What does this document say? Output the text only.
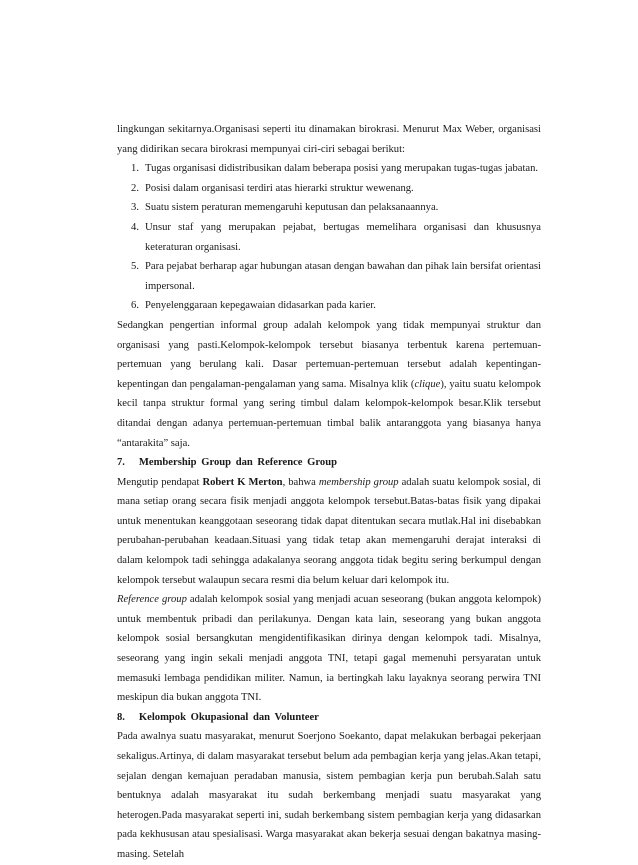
lingkungan sekitarnya.Organisasi seperti itu dinamakan birokrasi. Menurut Max Weber, organisasi yang didirikan secara birokrasi mempunyai ciri-ciri sebagai berikut:

1. Tugas organisasi didistribusikan dalam beberapa posisi yang merupakan tugas-tugas jabatan.
2. Posisi dalam organisasi terdiri atas hierarki struktur wewenang.
3. Suatu sistem peraturan memengaruhi keputusan dan pelaksanaannya.
4. Unsur staf yang merupakan pejabat, bertugas memelihara organisasi dan khususnya keteraturan organisasi.
5. Para pejabat berharap agar hubungan atasan dengan bawahan dan pihak lain bersifat orientasi impersonal.
6. Penyelenggaraan kepegawaian didasarkan pada karier.

Sedangkan pengertian informal group adalah kelompok yang tidak mempunyai struktur dan organisasi yang pasti.Kelompok-kelompok tersebut biasanya terbentuk karena pertemuan-pertemuan yang berulang kali. Dasar pertemuan-pertemuan tersebut adalah kepentingan-kepentingan dan pengalaman-pengalaman yang sama. Misalnya klik (clique), yaitu suatu kelompok kecil tanpa struktur formal yang sering timbul dalam kelompok-kelompok besar.Klik tersebut ditandai dengan adanya pertemuan-pertemuan timbal balik antaranggota yang biasanya hanya “antarakita” saja.

7.   Membership Group dan Reference Group

Mengutip pendapat Robert K Merton, bahwa membership group adalah suatu kelompok sosial, di mana setiap orang secara fisik menjadi anggota kelompok tersebut.Batas-batas fisik yang dipakai untuk menentukan keanggotaan seseorang tidak dapat ditentukan secara mutlak.Hal ini disebabkan perubahan-perubahan keadaan.Situasi yang tidak tetap akan memengaruhi derajat interaksi di dalam kelompok tadi sehingga adakalanya seorang anggota tidak begitu sering berkumpul dengan kelompok tersebut walaupun secara resmi dia belum keluar dari kelompok itu.

Reference group adalah kelompok sosial yang menjadi acuan seseorang (bukan anggota kelompok) untuk membentuk pribadi dan perilakunya. Dengan kata lain, seseorang yang bukan anggota kelompok sosial bersangkutan mengidentifikasikan dirinya dengan kelompok tadi. Misalnya, seseorang yang ingin sekali menjadi anggota TNI, tetapi gagal memenuhi persyaratan untuk memasuki lembaga pendidikan militer. Namun, ia bertingkah laku layaknya seorang perwira TNI meskipun dia bukan anggota TNI.

8.   Kelompok Okupasional dan Volunteer

Pada awalnya suatu masyarakat, menurut Soerjono Soekanto, dapat melakukan berbagai pekerjaan sekaligus.Artinya, di dalam masyarakat tersebut belum ada pembagian kerja yang jelas.Akan tetapi, sejalan dengan kemajuan peradaban manusia, sistem pembagian kerja pun berubah.Salah satu bentuknya adalah masyarakat itu sudah berkembang menjadi suatu masyarakat yang heterogen.Pada masyarakat seperti ini, sudah berkembang sistem pembagian kerja yang didasarkan pada kekhususan atau spesialisasi. Warga masyarakat akan bekerja sesuai dengan bakatnya masing-masing. Setelah
